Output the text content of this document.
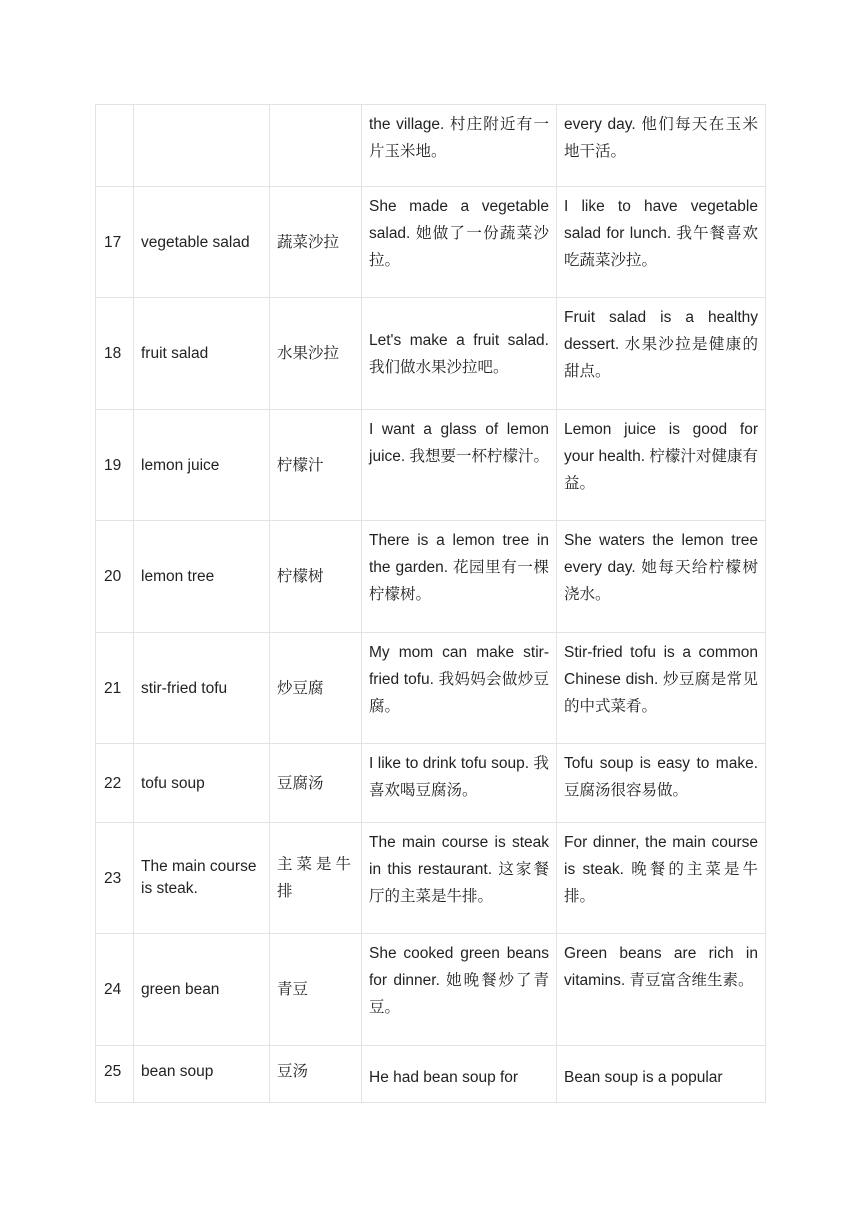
			the village. 村庄附近有一片玉米地。	every day. 他们每天在玉米地干活。
17	vegetable salad	蔬菜沙拉	She made a vegetable salad. 她做了一份蔬菜沙拉。	I like to have vegetable salad for lunch. 我午餐喜欢吃蔬菜沙拉。
18	fruit salad	水果沙拉	Let's make a fruit salad. 我们做水果沙拉吧。	Fruit salad is a healthy dessert. 水果沙拉是健康的甜点。
19	lemon juice	柠檬汁	I want a glass of lemon juice. 我想要一杯柠檬汁。	Lemon juice is good for your health. 柠檬汁对健康有益。
20	lemon tree	柠檬树	There is a lemon tree in the garden. 花园里有一棵柠檬树。	She waters the lemon tree every day. 她每天给柠檬树浇水。
21	stir-fried tofu	炒豆腐	My mom can make stir-fried tofu. 我妈妈会做炒豆腐。	Stir-fried tofu is a common Chinese dish. 炒豆腐是常见的中式菜肴。
22	tofu soup	豆腐汤	I like to drink tofu soup. 我喜欢喝豆腐汤。	Tofu soup is easy to make. 豆腐汤很容易做。
23	The main course is steak.	主菜是牛排	The main course is steak in this restaurant. 这家餐厅的主菜是牛排。	For dinner, the main course is steak. 晚餐的主菜是牛排。
24	green bean	青豆	She cooked green beans for dinner. 她晚餐炒了青豆。	Green beans are rich in vitamins. 青豆富含维生素。
25	bean soup	豆汤	He had bean soup for	Bean soup is a popular
